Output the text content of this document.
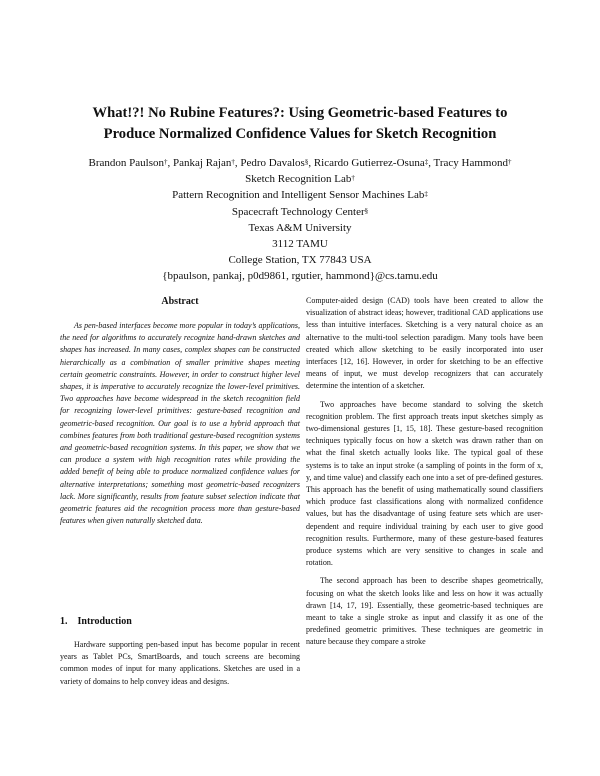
What!?! No Rubine Features?: Using Geometric-based Features to
Produce Normalized Confidence Values for Sketch Recognition
Brandon Paulson†, Pankaj Rajan†, Pedro Davalos§, Ricardo Gutierrez-Osuna‡, Tracy Hammond†
Sketch Recognition Lab†
Pattern Recognition and Intelligent Sensor Machines Lab‡
Spacecraft Technology Center§
Texas A&M University
3112 TAMU
College Station, TX 77843 USA
{bpaulson, pankaj, p0d9861, rgutier, hammond}@cs.tamu.edu
Abstract
As pen-based interfaces become more popular in today’s applications, the need for algorithms to accurately recognize hand-drawn sketches and shapes has increased. In many cases, complex shapes can be constructed hierarchically as a combination of smaller primitive shapes meeting certain geometric constraints. However, in order to construct higher level shapes, it is imperative to accurately recognize the lower-level primitives. Two approaches have become widespread in the sketch recognition field for recognizing lower-level primitives: gesture-based recognition and geometric-based recognition. Our goal is to use a hybrid approach that combines features from both traditional gesture-based recognition systems and geometric-based recognition systems. In this paper, we show that we can produce a system with high recognition rates while providing the added benefit of being able to produce normalized confidence values for alternative interpretations; something most geometric-based recognizers lack. More significantly, results from feature subset selection indicate that geometric features aid the recognition process more than gesture-based features when given naturally sketched data.
1. Introduction
Hardware supporting pen-based input has become popular in recent years as Tablet PCs, SmartBoards, and touch screens are becoming common modes of input for many applications. Sketches are used in a variety of domains to help convey ideas and designs.

Computer-aided design (CAD) tools have been created to allow the visualization of abstract ideas; however, traditional CAD applications use less than intuitive interfaces. Sketching is a very natural choice as an alternative to the multi-tool selection paradigm. Many tools have been created which allow sketching to be easily incorporated into user interfaces [12, 16]. However, in order for sketching to be an effective means of input, we must develop recognizers that can accurately determine the intention of a sketcher.

Two approaches have become standard to solving the sketch recognition problem. The first approach treats input sketches simply as two-dimensional gestures [1, 15, 18]. These gesture-based recognition techniques typically focus on how a sketch was drawn rather than on what the final sketch actually looks like. The typical goal of these systems is to take an input stroke (a sampling of points in the form of x, y, and time value) and classify each one into a set of pre-defined gestures. This approach has the benefit of using mathematically sound classifiers which produce fast classifications along with normalized confidence values, but has the disadvantage of using feature sets which are user-dependent and require individual training by each user to give good recognition results. Furthermore, many of these gesture-based features produce systems which are very sensitive to changes in scale and rotation.

The second approach has been to describe shapes geometrically, focusing on what the sketch looks like and less on how it was actually drawn [14, 17, 19]. Essentially, these geometric-based techniques are meant to take a single stroke as input and classify it as one of the predefined geometric primitives. These techniques are geometric in nature because they compare a stroke
